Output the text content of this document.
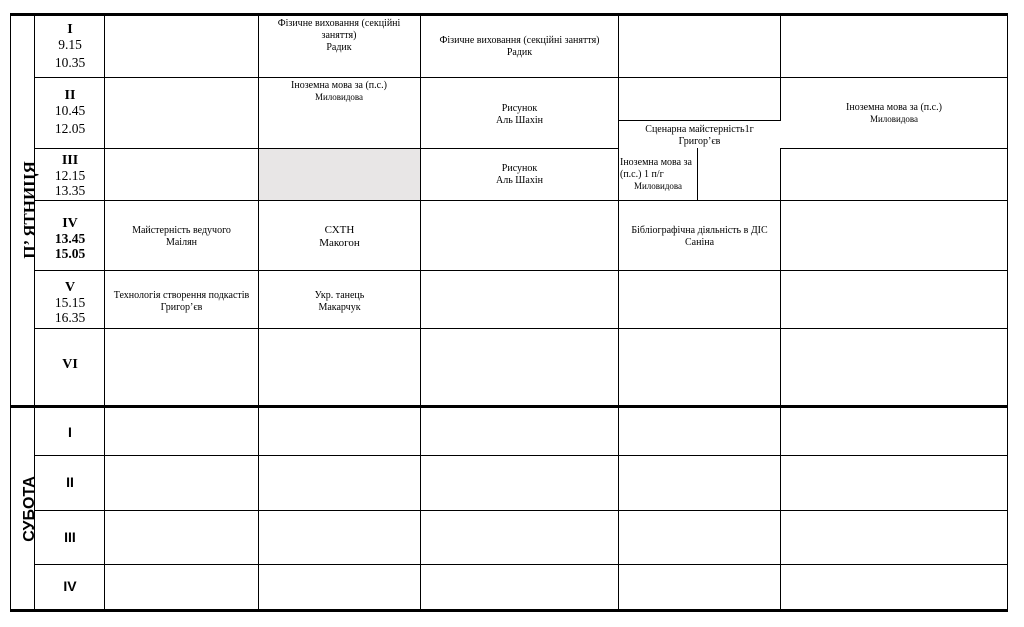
П’ ЯТНИЦЯ
СУБОТА
I
9.15
10.35
II
10.45
12.05
III
12.15
13.35
IV
13.45
15.05
V
15.15
16.35
VI
I
II
III
IV
Фізичне виховання (секційні заняття)
Радик
Фізичне виховання (секційні заняття)
Радик
Іноземна мова за (п.с.)
Миловидова
Рисунок
Аль Шахін
Сценарна майстерність1г
Григор’єв
Іноземна мова за (п.с.)
Миловидова
Рисунок
Аль Шахін
Іноземна мова за (п.с.) 1 п/г
Миловидова
Майстерність ведучого
Маілян
СХТН
Макогон
Бібліографічна діяльність в ДІС
Саніна
Технологія створення подкастів
Григор’єв
Укр. танець
Макарчук
